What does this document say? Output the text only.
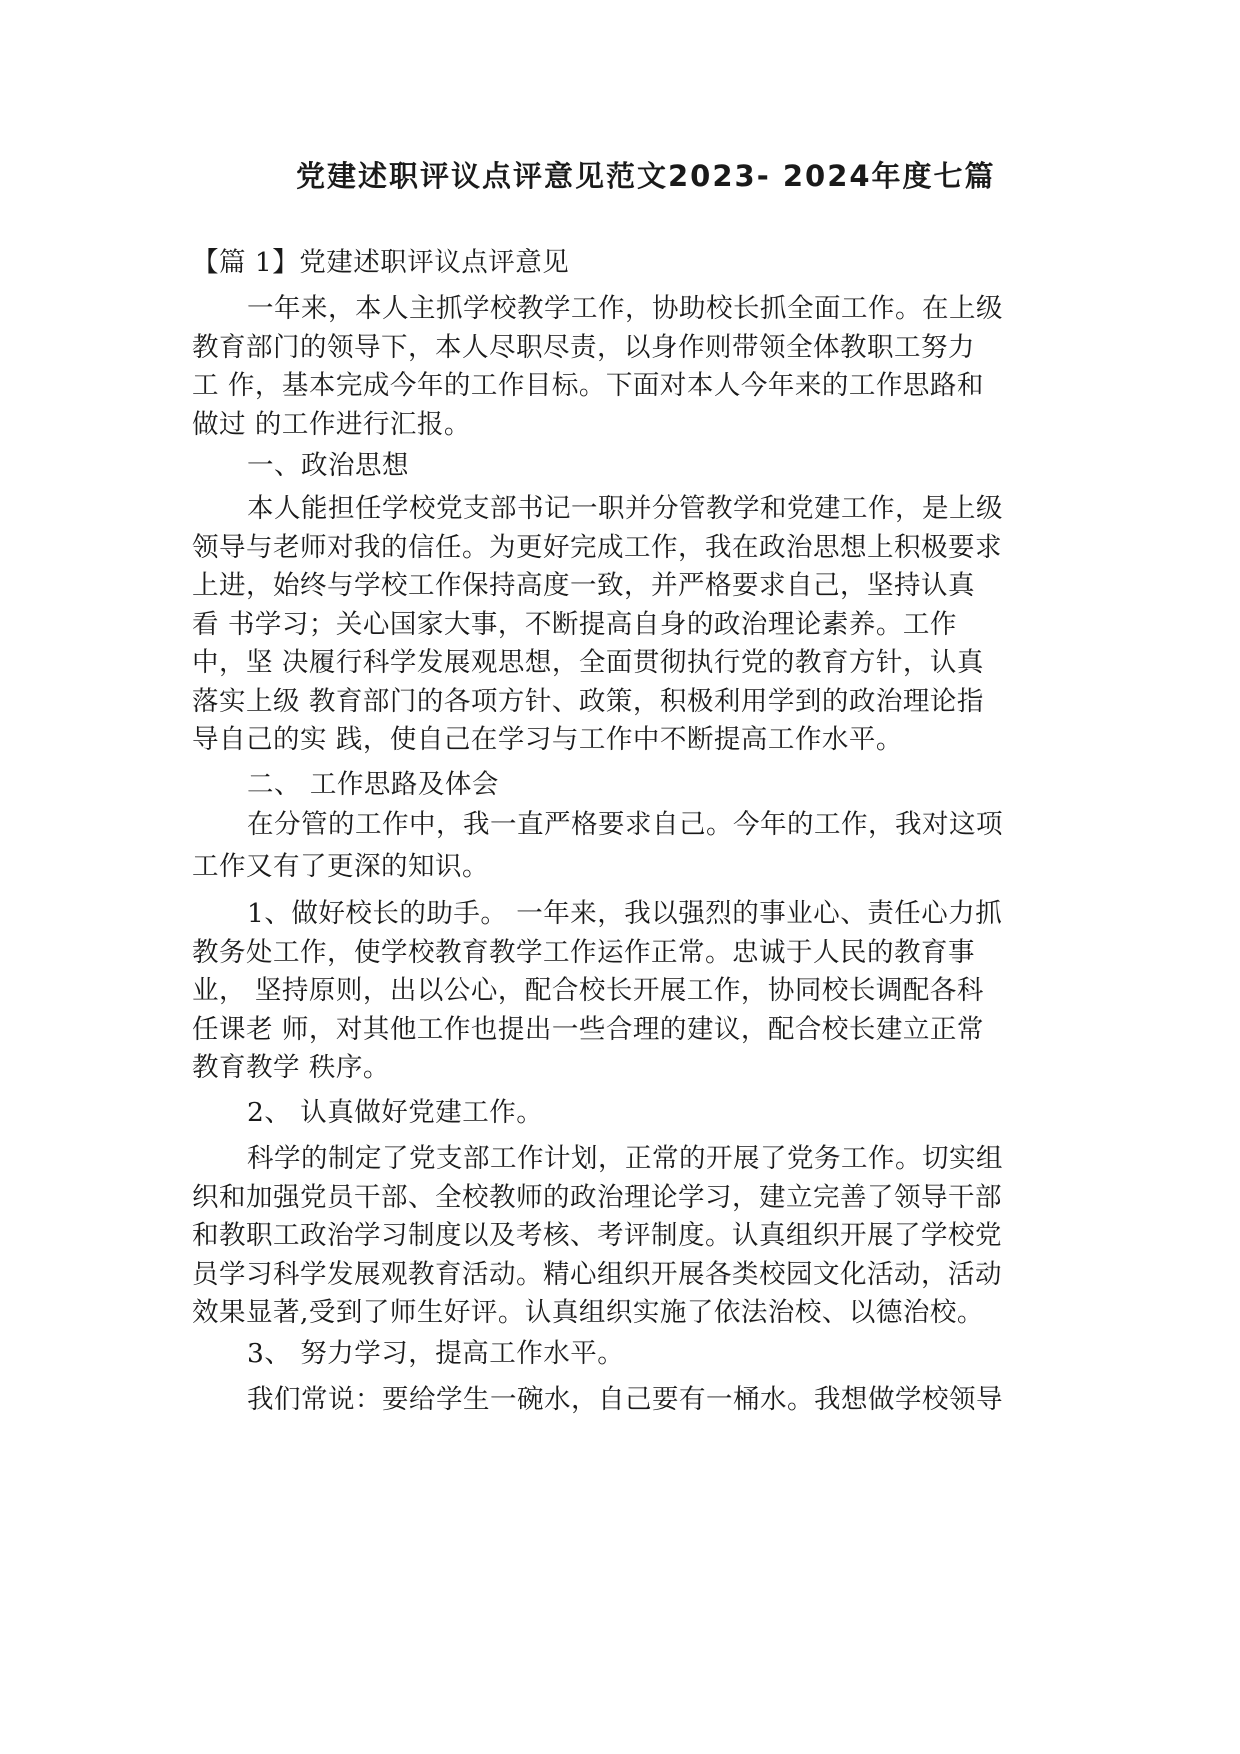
党建述职评议点评意见范文2023- 2024年度七篇
【篇 1】党建述职评议点评意见
一年来，本人主抓学校教学工作，协助校长抓全面工作。在上级
教育部门的领导下，本人尽职尽责，以身作则带领全体教职工努力
工 作，基本完成今年的工作目标。下面对本人今年来的工作思路和
做过 的工作进行汇报。
一、政治思想
本人能担任学校党支部书记一职并分管教学和党建工作，是上级
领导与老师对我的信任。为更好完成工作，我在政治思想上积极要求
上进，始终与学校工作保持高度一致，并严格要求自己，坚持认真
看 书学习；关心国家大事，不断提高自身的政治理论素养。工作
中，坚 决履行科学发展观思想，全面贯彻执行党的教育方针，认真
落实上级 教育部门的各项方针、政策，积极利用学到的政治理论指
导自己的实 践，使自己在学习与工作中不断提高工作水平。
二、 工作思路及体会
在分管的工作中，我一直严格要求自己。今年的工作，我对这项
工作又有了更深的知识。
1、做好校长的助手。 一年来，我以强烈的事业心、责任心力抓
教务处工作，使学校教育教学工作运作正常。忠诚于人民的教育事
业， 坚持原则，出以公心，配合校长开展工作，协同校长调配各科
任课老 师，对其他工作也提出一些合理的建议，配合校长建立正常
教育教学 秩序。
2、 认真做好党建工作。
科学的制定了党支部工作计划，正常的开展了党务工作。切实组
织和加强党员干部、全校教师的政治理论学习，建立完善了领导干部
和教职工政治学习制度以及考核、考评制度。认真组织开展了学校党
员学习科学发展观教育活动。精心组织开展各类校园文化活动，活动
效果显著,受到了师生好评。认真组织实施了依法治校、以德治校。
3、 努力学习，提高工作水平。
我们常说：要给学生一碗水，自己要有一桶水。我想做学校领导
